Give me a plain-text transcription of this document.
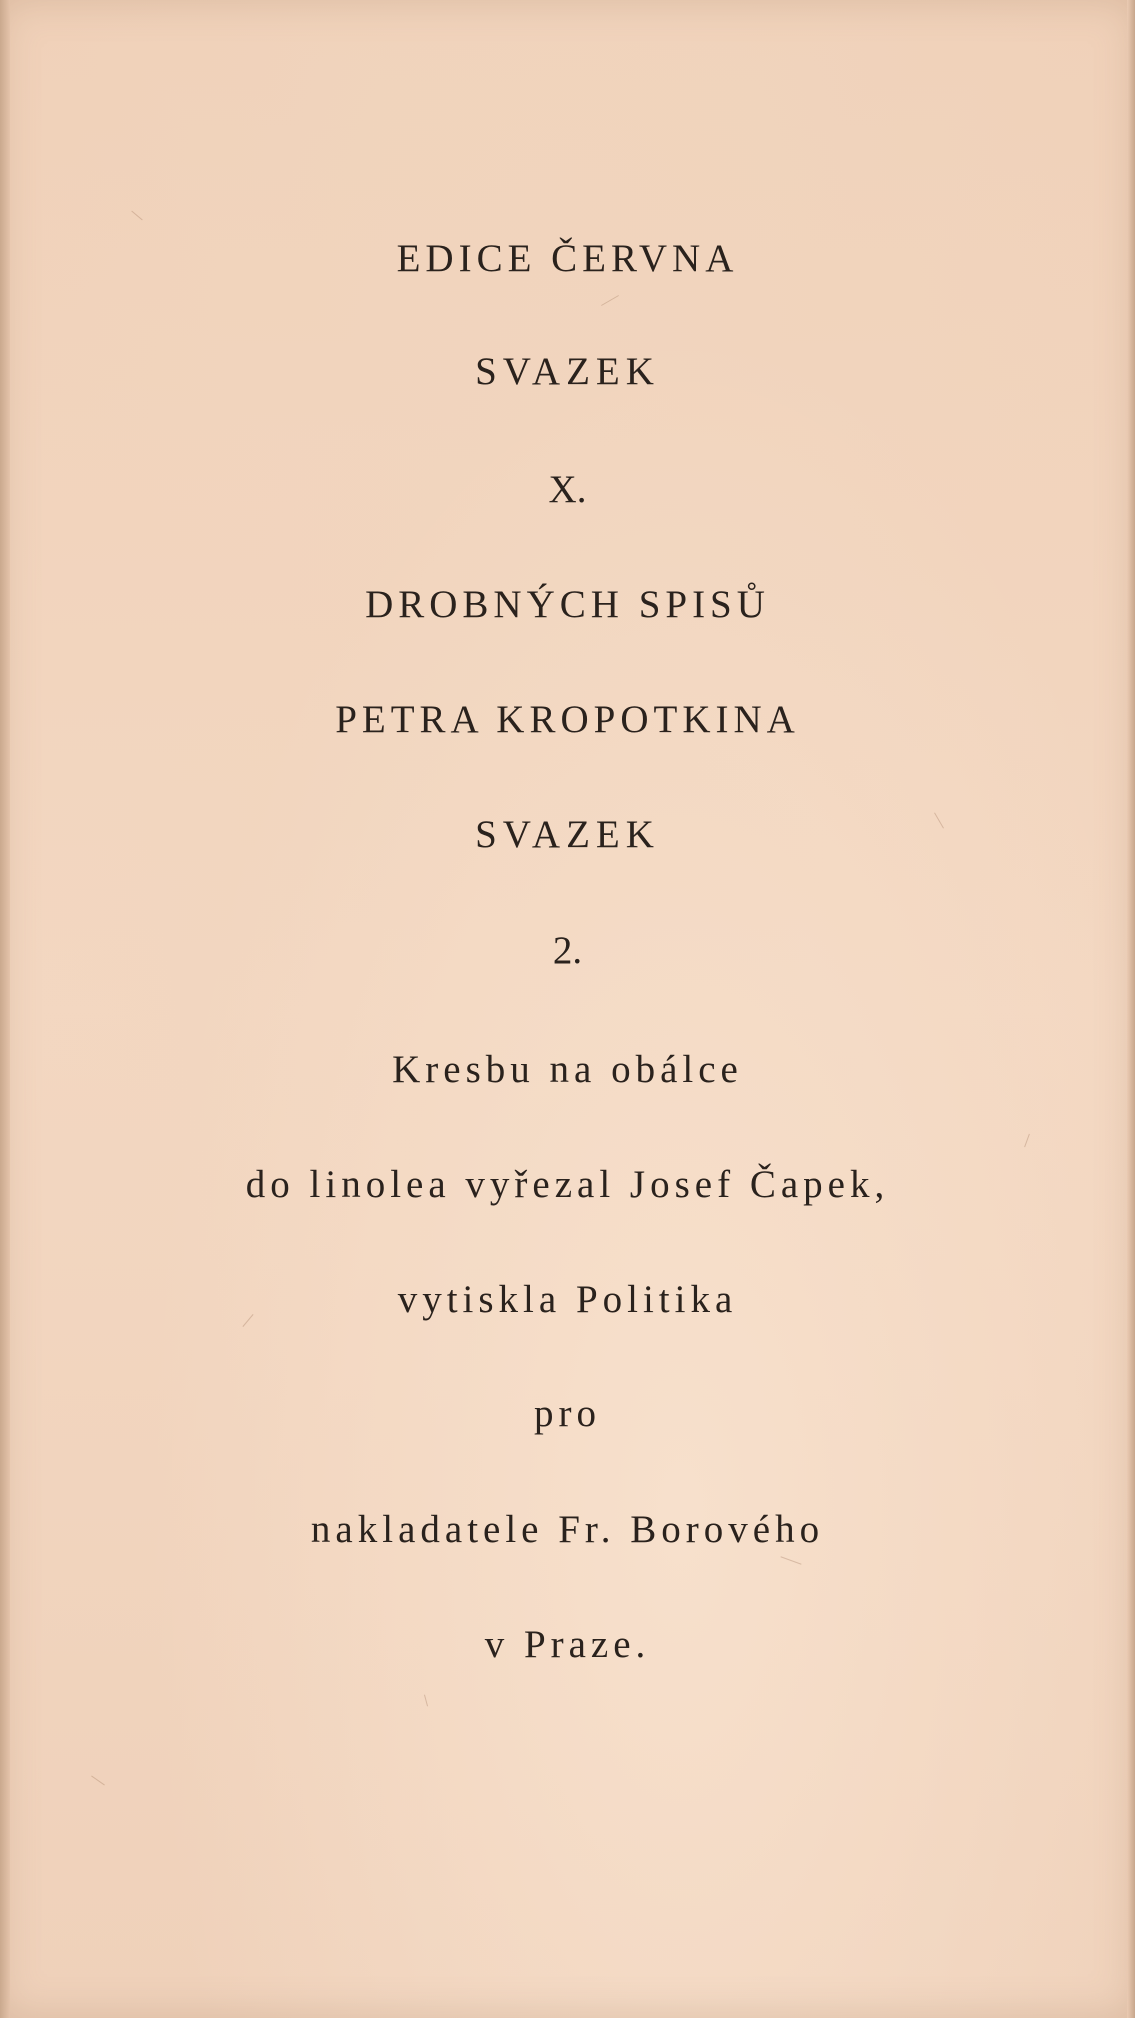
EDICE ČERVNA
SVAZEK
X.
DROBNÝCH SPISŮ
PETRA KROPOTKINA
SVAZEK
2.
Kresbu na obálce
do linolea vyřezal Josef Čapek,
vytiskla Politika
pro
nakladatele Fr. Borového
v Praze.
